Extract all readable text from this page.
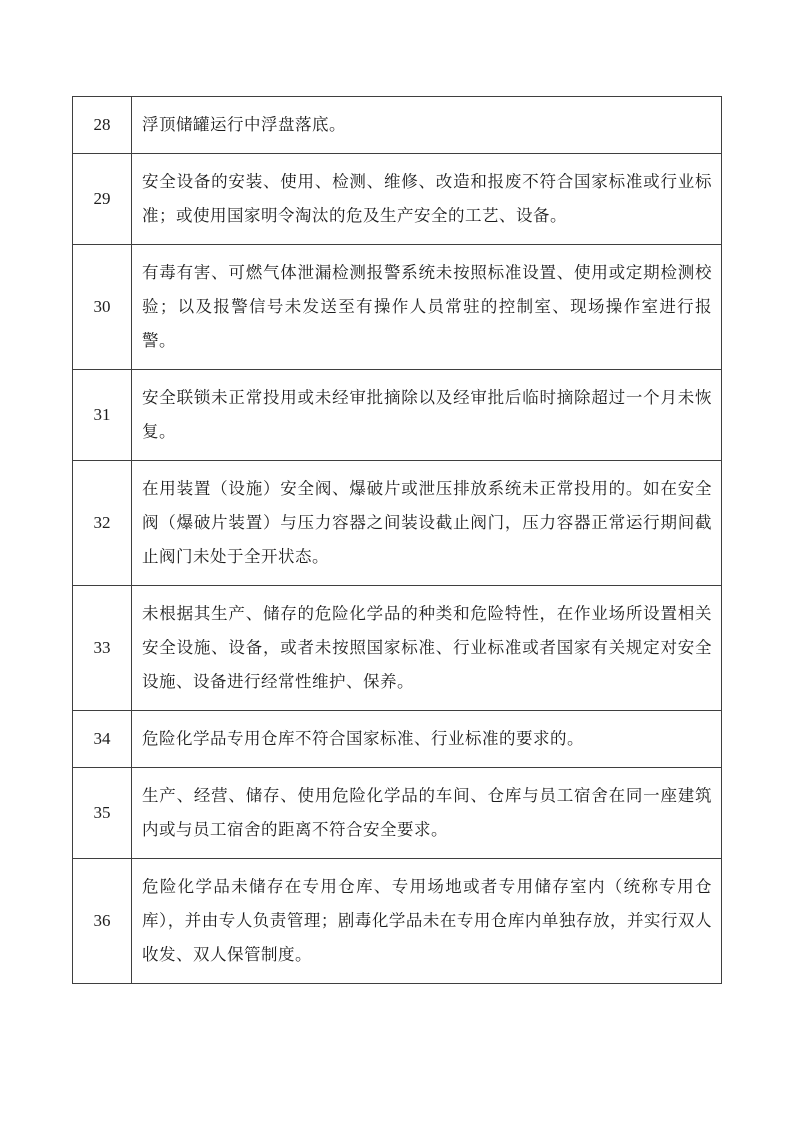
28	浮顶储罐运行中浮盘落底。
29	安全设备的安装、使用、检测、维修、改造和报废不符合国家标准或行业标准；或使用国家明令淘汰的危及生产安全的工艺、设备。
30	有毒有害、可燃气体泄漏检测报警系统未按照标准设置、使用或定期检测校验；以及报警信号未发送至有操作人员常驻的控制室、现场操作室进行报警。
31	安全联锁未正常投用或未经审批摘除以及经审批后临时摘除超过一个月未恢复。
32	在用装置（设施）安全阀、爆破片或泄压排放系统未正常投用的。如在安全阀（爆破片装置）与压力容器之间装设截止阀门，压力容器正常运行期间截止阀门未处于全开状态。
33	未根据其生产、储存的危险化学品的种类和危险特性，在作业场所设置相关安全设施、设备，或者未按照国家标准、行业标准或者国家有关规定对安全设施、设备进行经常性维护、保养。
34	危险化学品专用仓库不符合国家标准、行业标准的要求的。
35	生产、经营、储存、使用危险化学品的车间、仓库与员工宿舍在同一座建筑内或与员工宿舍的距离不符合安全要求。
36	危险化学品未储存在专用仓库、专用场地或者专用储存室内（统称专用仓库），并由专人负责管理；剧毒化学品未在专用仓库内单独存放，并实行双人收发、双人保管制度。
